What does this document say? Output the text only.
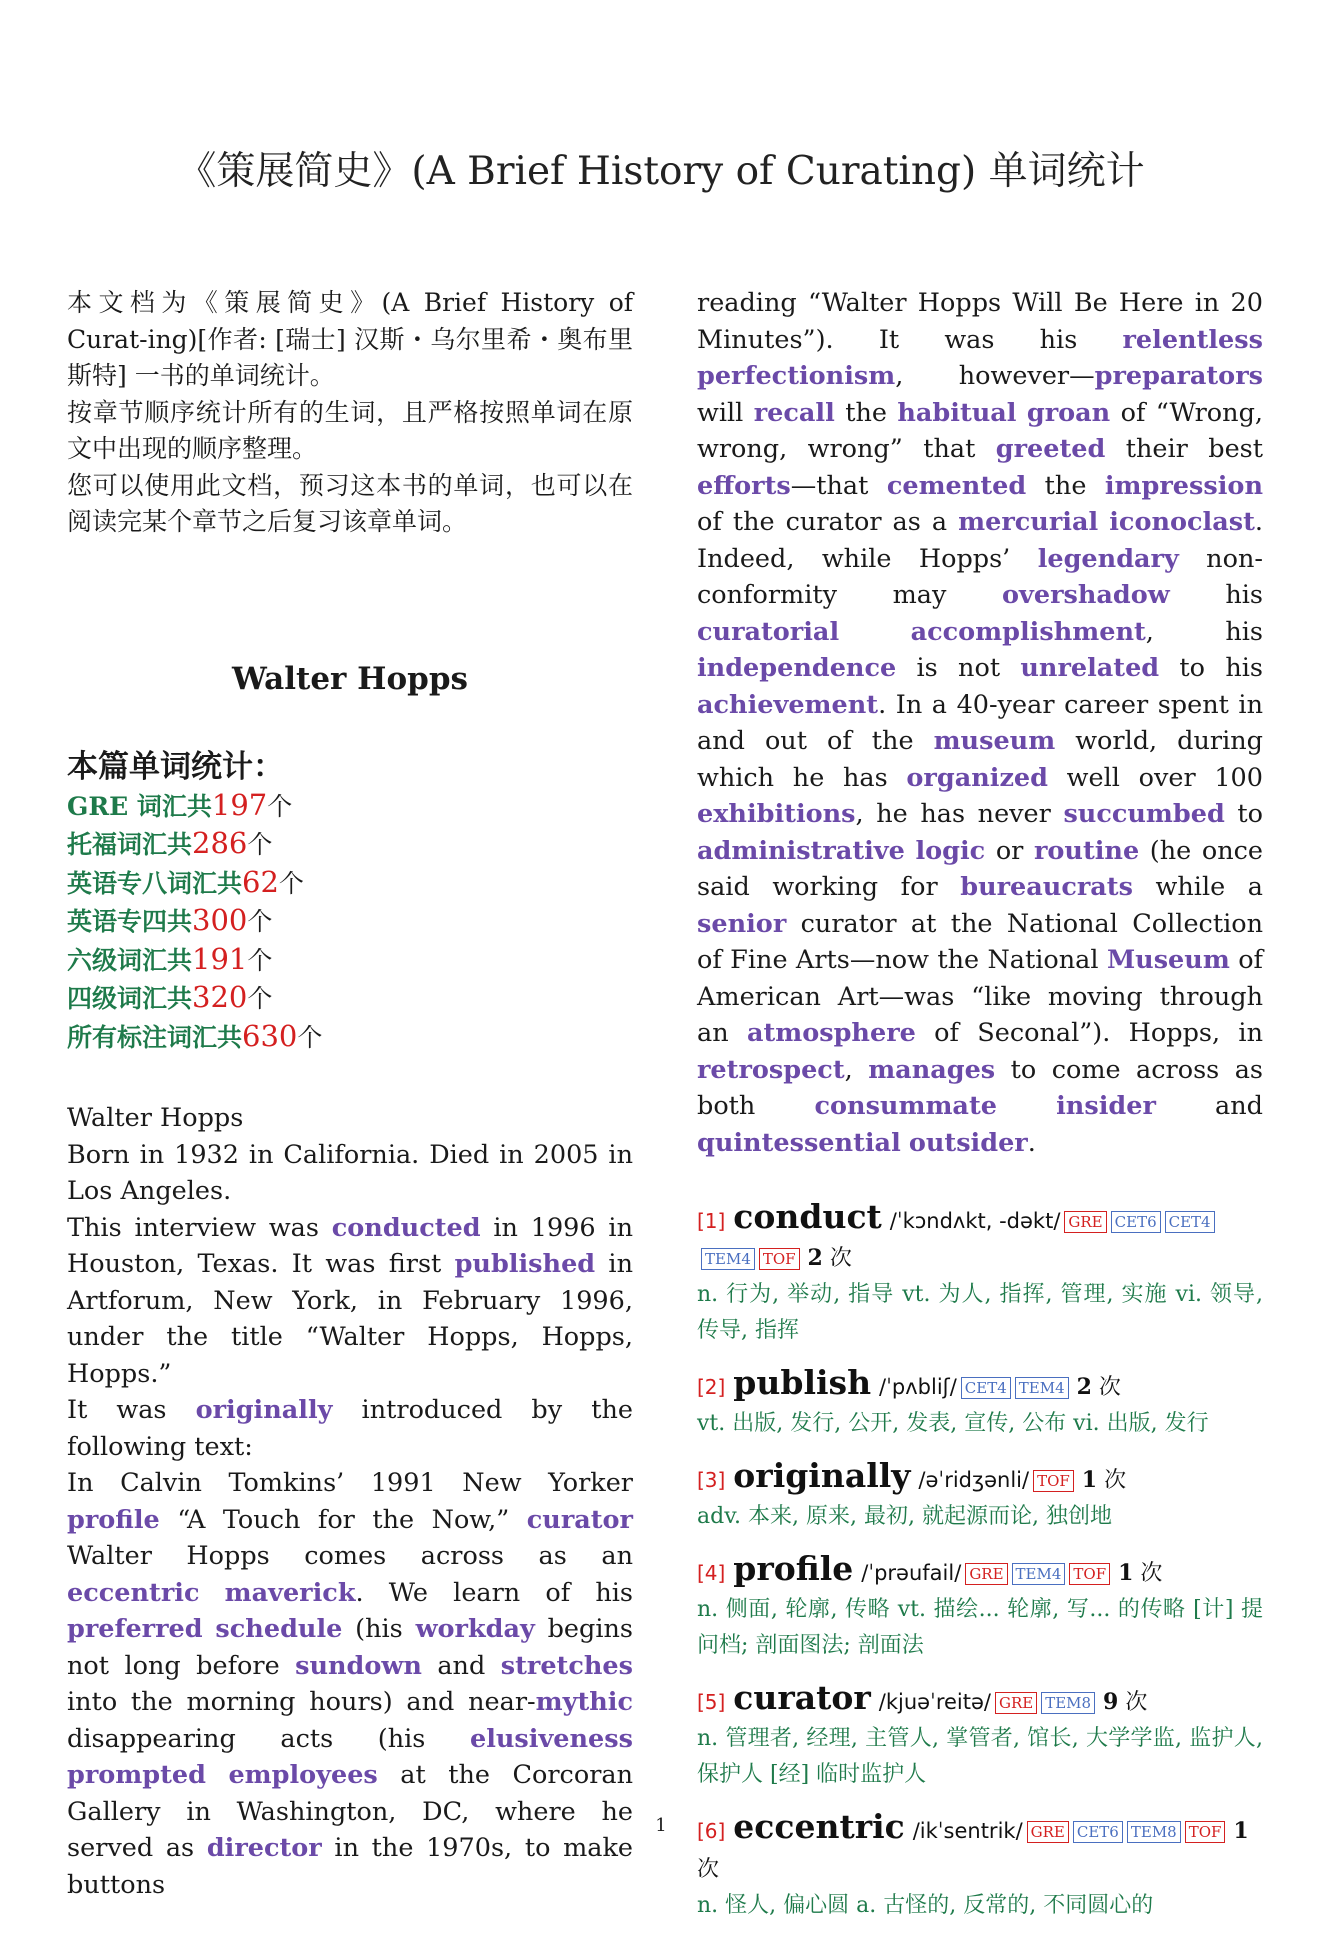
《策展简史》(A Brief History of Curating) 单词统计

本文档为《策展简史》(A Brief History of Curat-ing)[作者: [瑞士] 汉斯・乌尔里希・奥布里斯特] 一书的单词统计。

按章节顺序统计所有的生词，且严格按照单词在原文中出现的顺序整理。

您可以使用此文档，预习这本书的单词，也可以在阅读完某个章节之后复习该章单词。

Walter Hopps
本篇单词统计：
GRE 词汇共197个
托福词汇共286个
英语专八词汇共62个
英语专四共300个
六级词汇共191个
四级词汇共320个
所有标注词汇共630个
Walter Hopps
Born in 1932 in California. Died in 2005 in Los Angeles.
This interview was conducted in 1996 in Houston, Texas. It was first published in Artforum, New York, in February 1996, under the title “Walter Hopps, Hopps, Hopps.”
It was originally introduced by the following text:
In Calvin Tomkins’ 1991 New Yorker profile “A Touch for the Now,” curator Walter Hopps comes across as an eccentric maverick. We learn of his preferred schedule (his workday begins not long before sundown and stretches into the morning hours) and near-mythic disappearing acts (his elusiveness prompted employees at the Corcoran Gallery in Washington, DC, where he served as director in the 1970s, to make buttons
reading “Walter Hopps Will Be Here in 20 Minutes”). It was his relentless perfectionism, however—preparators will recall the habitual groan of “Wrong, wrong, wrong” that greeted their best efforts—that cemented the impression of the curator as a mercurial iconoclast. Indeed, while Hopps’ legendary non-conformity may overshadow his curatorial	accomplishment, his independence is not unrelated to his achievement. In a 40-year career spent in and out of the museum world, during which he has organized well over 100 exhibitions, he has never succumbed to administrative logic or routine (he once said working for bureaucrats while a senior curator at the National Collection of Fine Arts—now the National Museum of American Art—was “like moving through an atmosphere of Seconal”). Hopps, in retrospect, manages to come across as both consummate insider and quintessential outsider.
[1] conduct /ˈkɔndʌkt, -dəkt/ GRE CET6 CET4TEM4 TOF 2 次
n. 行为, 举动, 指导 vt. 为人, 指挥, 管理, 实施 vi. 领导, 传导, 指挥
[2] publish /ˈpʌbliʃ/ CET4 TEM4 2 次
vt. 出版, 发行, 公开, 发表, 宣传, 公布 vi. 出版, 发行
[3] originally /əˈridʒənli/ TOF 1 次
adv. 本来, 原来, 最初, 就起源而论, 独创地
[4] profile /ˈprəufail/ GRE TEM4 TOF 1 次
n. 侧面, 轮廓, 传略 vt. 描绘... 轮廓, 写... 的传略 [计] 提问档; 剖面图法; 剖面法
[5] curator /kjuəˈreitə/ GRE TEM8 9 次
n. 管理者, 经理, 主管人, 掌管者, 馆长, 大学学监, 监护人, 保护人 [经] 临时监护人
[6] eccentric /ikˈsentrik/ GRE CET6 TEM8 TOF 1 次
n. 怪人, 偏心圆 a. 古怪的, 反常的, 不同圆心的
1
